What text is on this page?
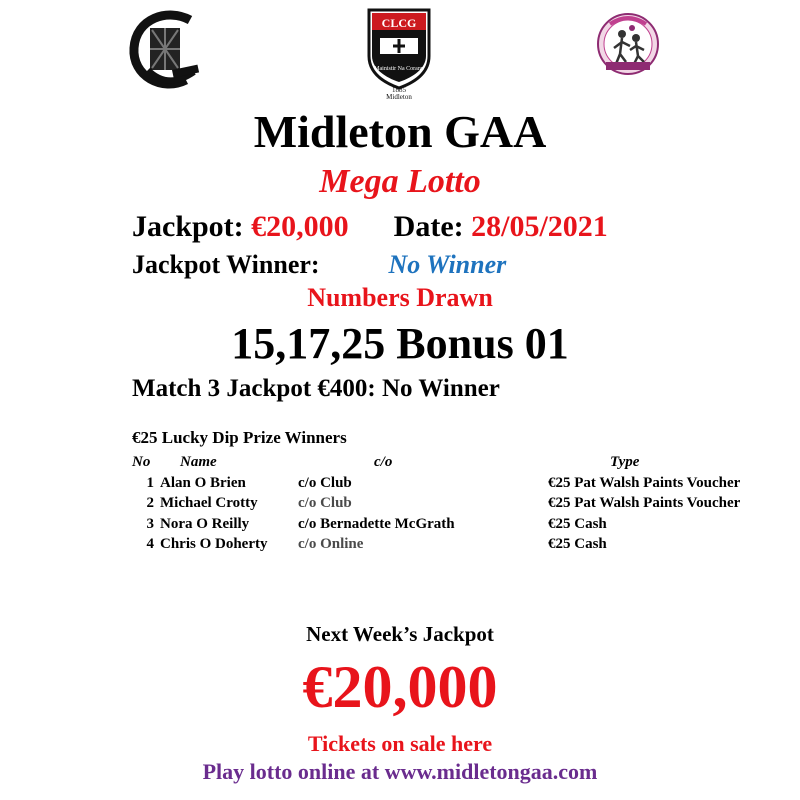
CLCG
Mainistir Na Corann
1885
Midleton
Midleton GAA
Mega Lotto
Jackpot: €20,000 Date: 28/05/2021
Jackpot Winner:	No Winner
Numbers Drawn
15,17,25 Bonus 01
Match 3 Jackpot €400: No Winner
€25 Lucky Dip Prize Winners
No	Name	c/o	Type
1	Alan O Brien	c/o Club	€25 Pat Walsh Paints Voucher
2	Michael Crotty	c/o Club	€25 Pat Walsh Paints Voucher
3	Nora O Reilly	c/o Bernadette McGrath	€25 Cash
4	Chris O Doherty	c/o Online	€25 Cash
Next Week’s Jackpot
€20,000
Tickets on sale here
Play lotto online at www.midletongaa.com
